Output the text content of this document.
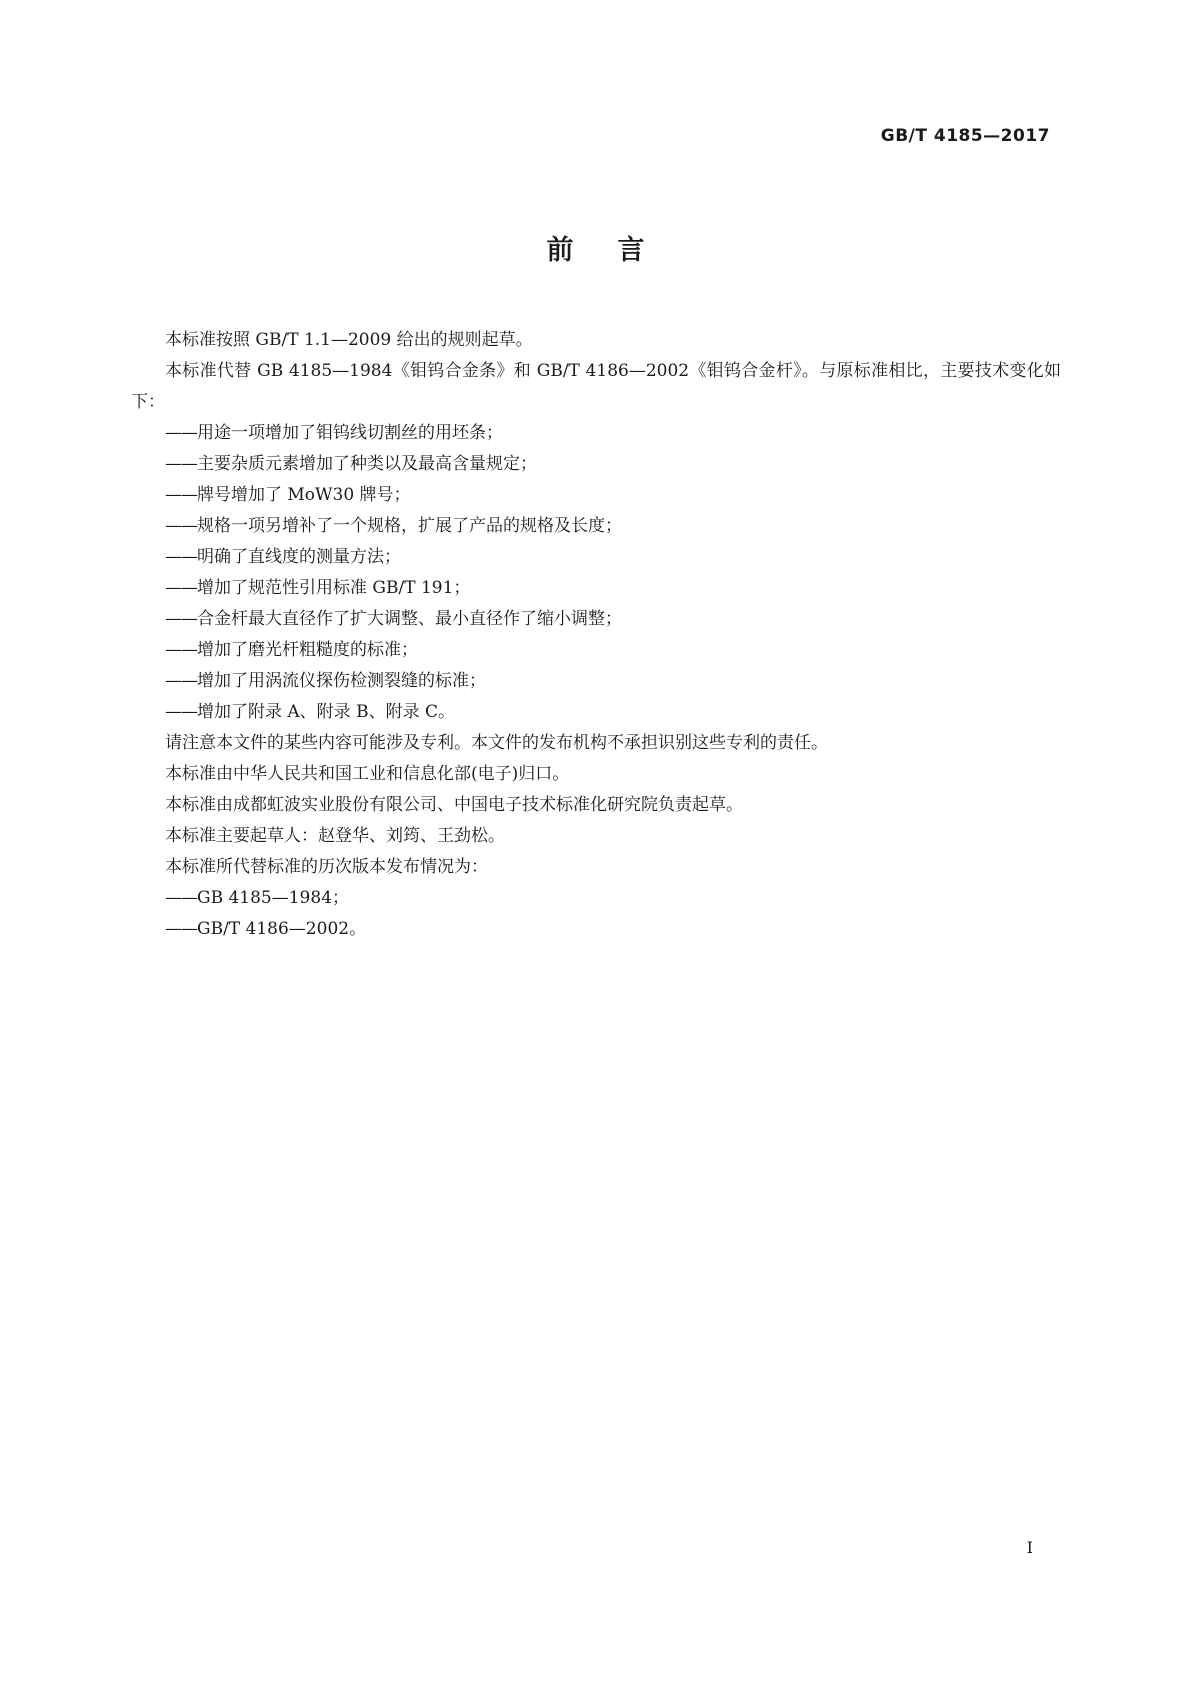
GB/T 4185—2017

前言

本标准按照 GB/T 1.1—2009 给出的规则起草。

本标准代替 GB 4185—1984《钼钨合金条》和 GB/T 4186—2002《钼钨合金杆》。与原标准相比，主要技术变化如下：

——用途一项增加了钼钨线切割丝的用坯条；

——主要杂质元素增加了种类以及最高含量规定；

——牌号增加了 MoW30 牌号；

——规格一项另增补了一个规格，扩展了产品的规格及长度；

——明确了直线度的测量方法；

——增加了规范性引用标准 GB/T 191；

——合金杆最大直径作了扩大调整、最小直径作了缩小调整；

——增加了磨光杆粗糙度的标准；

——增加了用涡流仪探伤检测裂缝的标准；

——增加了附录 A、附录 B、附录 C。

请注意本文件的某些内容可能涉及专利。本文件的发布机构不承担识别这些专利的责任。

本标准由中华人民共和国工业和信息化部(电子)归口。

本标准由成都虹波实业股份有限公司、中国电子技术标准化研究院负责起草。

本标准主要起草人：赵登华、刘筠、王劲松。

本标准所代替标准的历次版本发布情况为：

——GB 4185—1984；

——GB/T 4186—2002。

I
